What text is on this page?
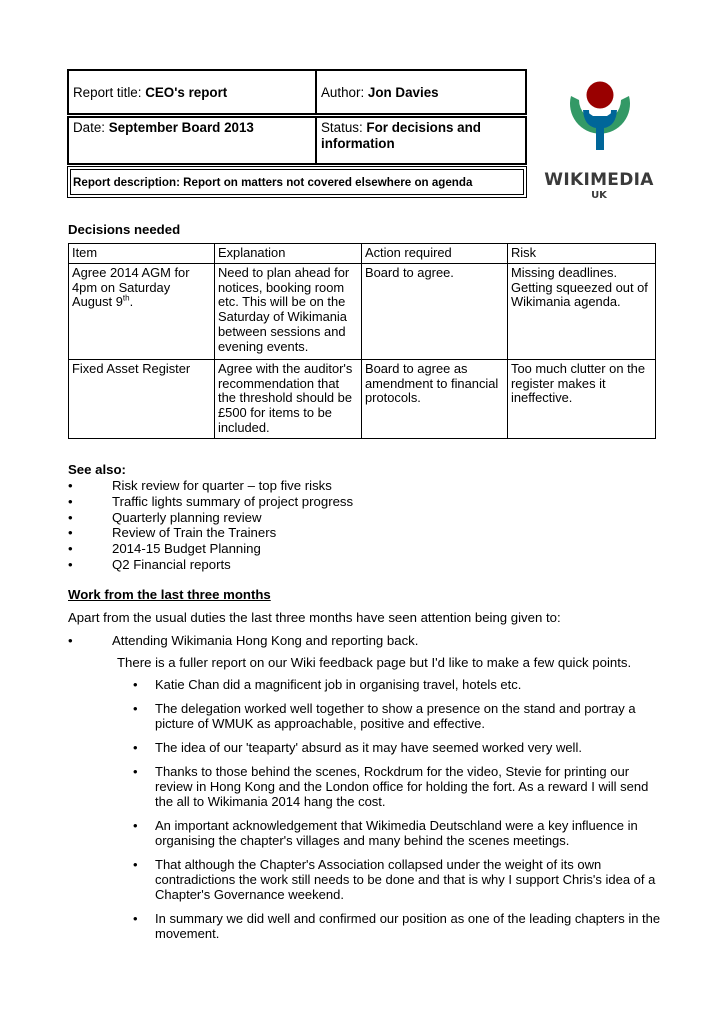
Report title: CEO's report	Author: Jon Davies
Date: September Board 2013	Status: For decisions and
information
Report description: Report on matters not covered elsewhere on agenda	WIKIMEDIA
UK
Decisions needed
Item	Explanation	Action required	Risk
Agree 2014 AGM for 4pm on Saturday August 9th.	Need to plan ahead for notices, booking room etc. This will be on the Saturday of Wikimania between sessions and evening events.	Board to agree.	Missing deadlines. Getting squeezed out of Wikimania agenda.
Fixed Asset Register	Agree with the auditor's recommendation that the threshold should be £500 for items to be included.	Board to agree as amendment to financial protocols.	Too much clutter on the register makes it ineffective.
See also:
•	Risk review for quarter – top five risks
•	Traffic lights summary of project progress
•	Quarterly planning review
•	Review of Train the Trainers
•	2014-15 Budget Planning
•	Q2 Financial reports
Work from the last three months
Apart from the usual duties the last three months have seen attention being given to:
•	Attending Wikimania Hong Kong and reporting back.
There is a fuller report on our Wiki feedback page but I'd like to make a few quick points.
• Katie Chan did a magnificent job in organising travel, hotels etc.
• The delegation worked well together to show a presence on the stand and portray a picture of WMUK as approachable, positive and effective.
• The idea of our 'teaparty' absurd as it may have seemed worked very well.
• Thanks to those behind the scenes, Rockdrum for the video, Stevie for printing our review in Hong Kong and the London office for holding the fort. As a reward I will send the all to Wikimania 2014 hang the cost.
• An important acknowledgement that Wikimedia Deutschland were a key influence in organising the chapter's villages and many behind the scenes meetings.
• That although the Chapter's Association collapsed under the weight of its own contradictions the work still needs to be done and that is why I support Chris's idea of a Chapter's Governance weekend.
• In summary we did well and confirmed our position as one of the leading chapters in the movement.
